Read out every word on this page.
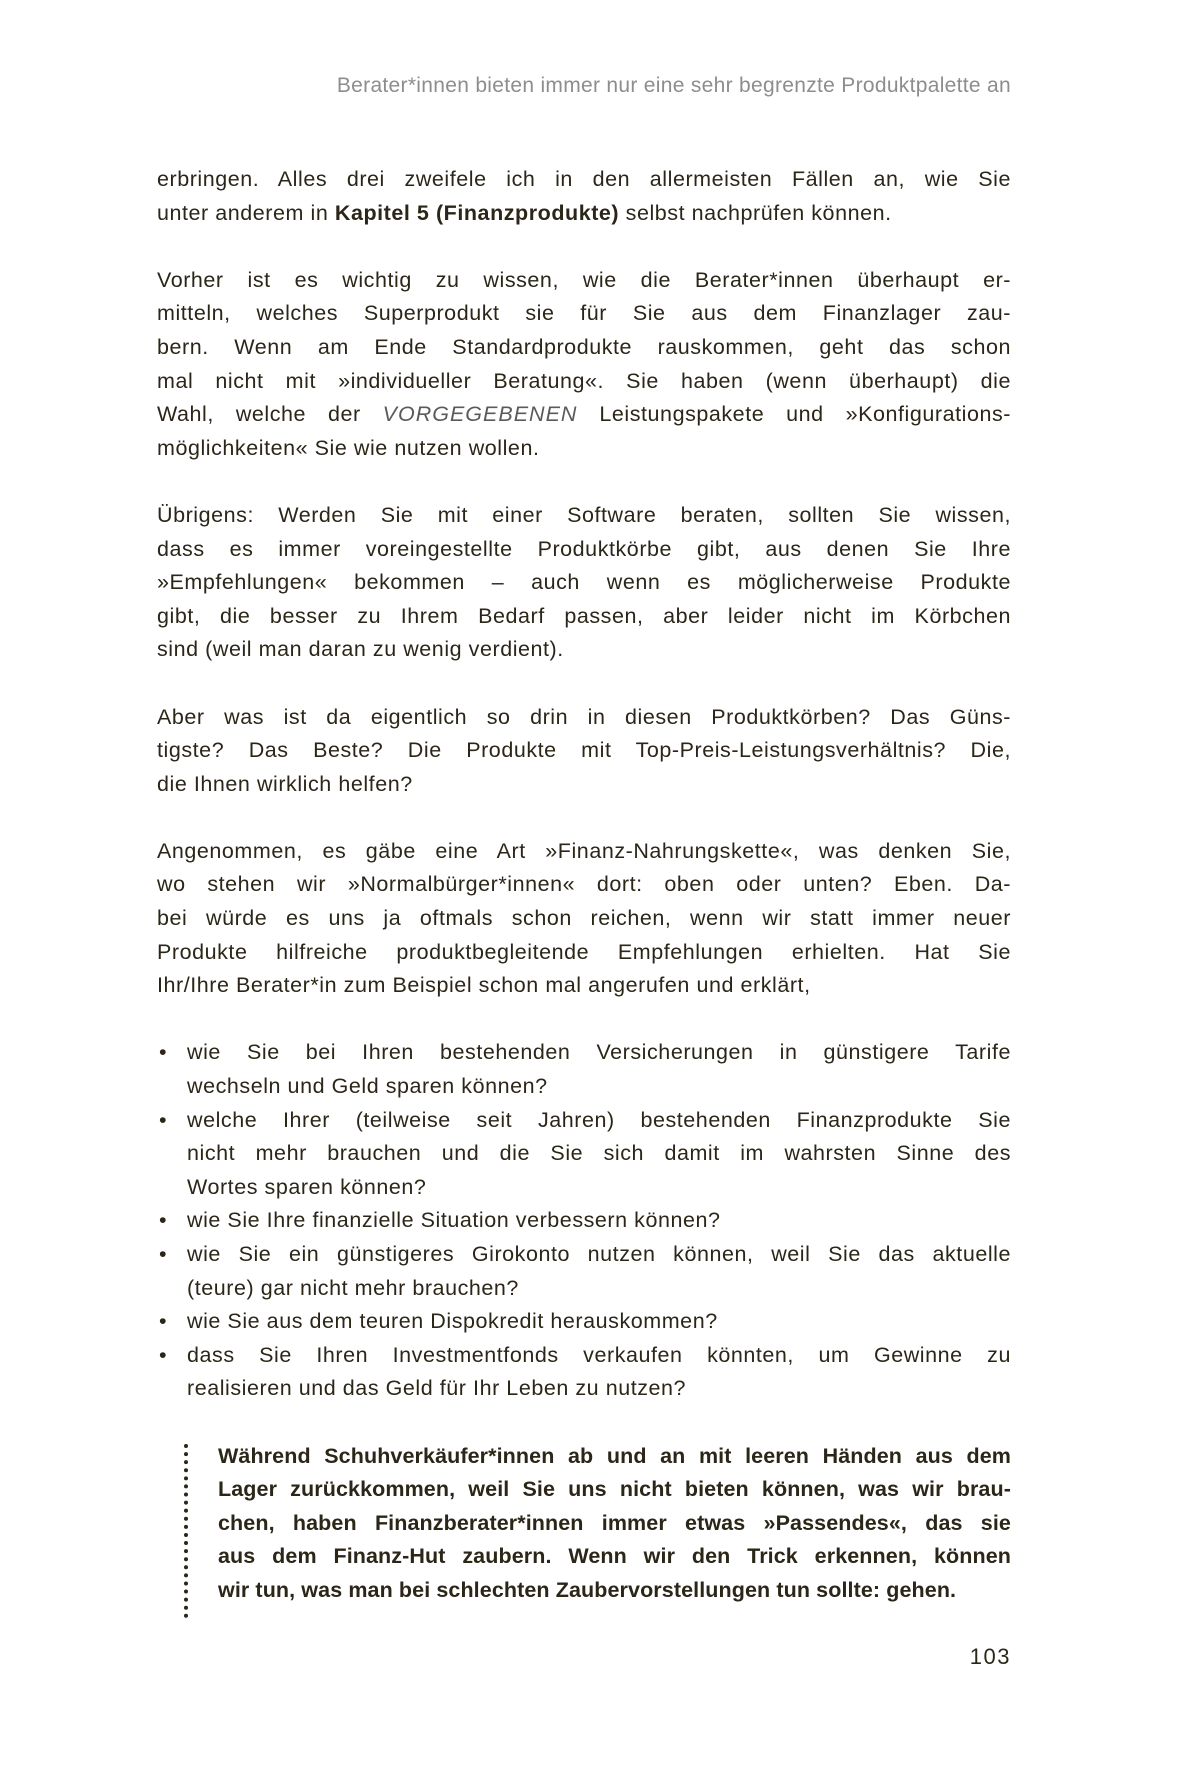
Berater*innen bieten immer nur eine sehr begrenzte Produktpalette an
erbringen. Alles drei zweifele ich in den allermeisten Fällen an, wie Sie
unter anderem in Kapitel 5 (Finanzprodukte) selbst nachprüfen können.
Vorher ist es wichtig zu wissen, wie die Berater*innen überhaupt er-
mitteln, welches Superprodukt sie für Sie aus dem Finanzlager zau-
bern. Wenn am Ende Standardprodukte rauskommen, geht das schon
mal nicht mit »individueller Beratung«. Sie haben (wenn überhaupt) die
Wahl, welche der VORGEGEBENEN Leistungspakete und »Konfigurations-
möglichkeiten« Sie wie nutzen wollen.
Übrigens: Werden Sie mit einer Software beraten, sollten Sie wissen,
dass es immer voreingestellte Produktkörbe gibt, aus denen Sie Ihre
»Empfehlungen« bekommen – auch wenn es möglicherweise Produkte
gibt, die besser zu Ihrem Bedarf passen, aber leider nicht im Körbchen
sind (weil man daran zu wenig verdient).
Aber was ist da eigentlich so drin in diesen Produktkörben? Das Güns-
tigste? Das Beste? Die Produkte mit Top-Preis-Leistungsverhältnis? Die,
die Ihnen wirklich helfen?
Angenommen, es gäbe eine Art »Finanz-Nahrungskette«, was denken Sie,
wo stehen wir »Normalbürger*innen« dort: oben oder unten? Eben. Da-
bei würde es uns ja oftmals schon reichen, wenn wir statt immer neuer
Produkte hilfreiche produktbegleitende Empfehlungen erhielten. Hat Sie
Ihr/Ihre Berater*in zum Beispiel schon mal angerufen und erklärt,
• wie Sie bei Ihren bestehenden Versicherungen in günstigere Tarife
wechseln und Geld sparen können?
• welche Ihrer (teilweise seit Jahren) bestehenden Finanzprodukte Sie
nicht mehr brauchen und die Sie sich damit im wahrsten Sinne des
Wortes sparen können?
• wie Sie Ihre finanzielle Situation verbessern können?
• wie Sie ein günstigeres Girokonto nutzen können, weil Sie das aktuelle
(teure) gar nicht mehr brauchen?
• wie Sie aus dem teuren Dispokredit herauskommen?
• dass Sie Ihren Investmentfonds verkaufen könnten, um Gewinne zu
realisieren und das Geld für Ihr Leben zu nutzen?
Während Schuhverkäufer*innen ab und an mit leeren Händen aus dem
Lager zurückkommen, weil Sie uns nicht bieten können, was wir brau-
chen, haben Finanzberater*innen immer etwas »Passendes«, das sie
aus dem Finanz-Hut zaubern. Wenn wir den Trick erkennen, können
wir tun, was man bei schlechten Zaubervorstellungen tun sollte: gehen.
103
